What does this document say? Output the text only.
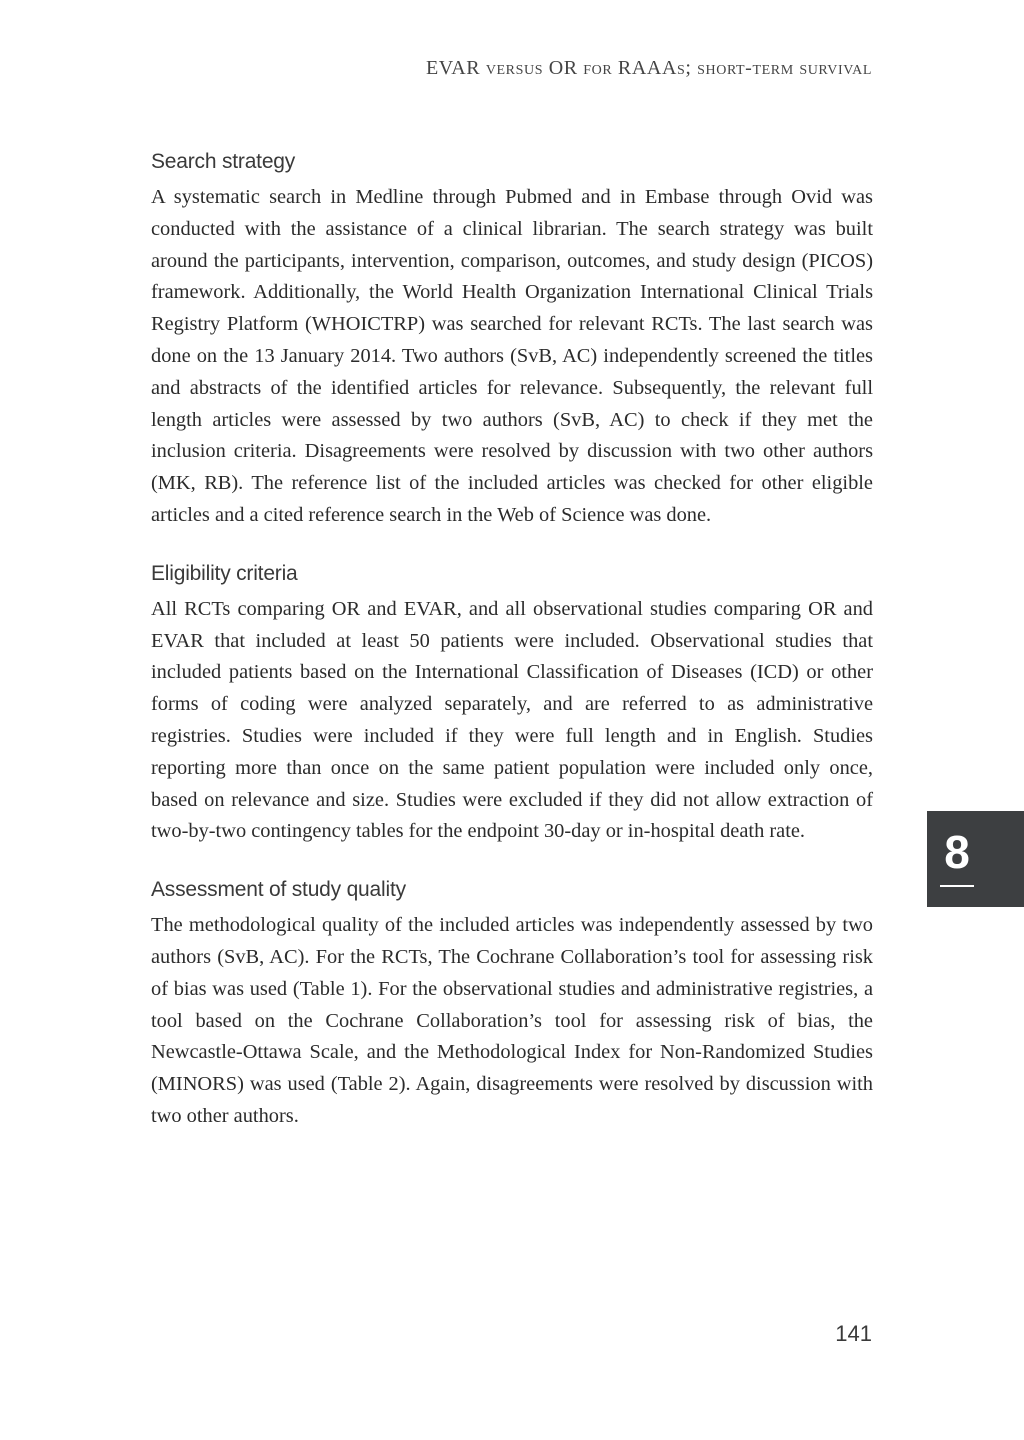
EVAR versus OR for RAAAs; short-term survival
Search strategy

A systematic search in Medline through Pubmed and in Embase through Ovid was conducted with the assistance of a clinical librarian. The search strategy was built around the participants, intervention, comparison, outcomes, and study design (PICOS) framework. Additionally, the World Health Organization International Clinical Trials Registry Platform (WHOICTRP) was searched for relevant RCTs. The last search was done on the 13 January 2014. Two authors (SvB, AC) independently screened the titles and abstracts of the identified articles for relevance. Subsequently, the relevant full length articles were assessed by two authors (SvB, AC) to check if they met the inclusion criteria. Disagreements were resolved by discussion with two other authors (MK, RB). The reference list of the included articles was checked for other eligible articles and a cited reference search in the Web of Science was done.

Eligibility criteria

All RCTs comparing OR and EVAR, and all observational studies comparing OR and EVAR that included at least 50 patients were included. Observational studies that included patients based on the International Classification of Diseases (ICD) or other forms of coding were analyzed separately, and are referred to as administrative registries. Studies were included if they were full length and in English. Studies reporting more than once on the same patient population were included only once, based on relevance and size. Studies were excluded if they did not allow extraction of two-by-two contingency tables for the endpoint 30-day or in-hospital death rate.

Assessment of study quality

The methodological quality of the included articles was independently assessed by two authors (SvB, AC). For the RCTs, The Cochrane Collaboration’s tool for assessing risk of bias was used (Table 1). For the observational studies and administrative registries, a tool based on the Cochrane Collaboration’s tool for assessing risk of bias, the Newcastle-Ottawa Scale, and the Methodological Index for Non-Randomized Studies (MINORS) was used (Table 2). Again, disagreements were resolved by discussion with two other authors.

8
141
